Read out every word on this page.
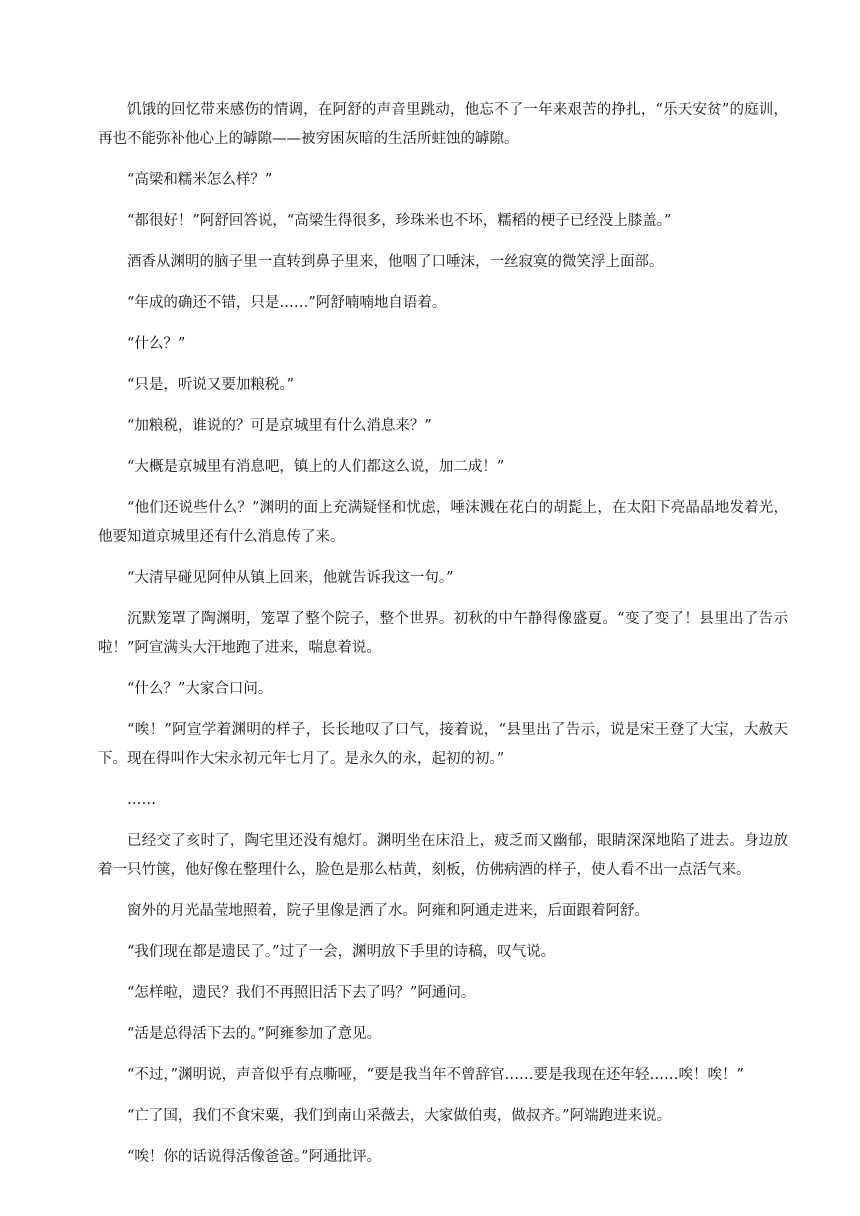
饥饿的回忆带来感伤的情调，在阿舒的声音里跳动，他忘不了一年来艰苦的挣扎，“乐天安贫”的庭训，再也不能弥补他心上的罅隙——被穷困灰暗的生活所蛀蚀的罅隙。

“高梁和糯米怎么样？”

“都很好！”阿舒回答说，“高梁生得很多，珍珠米也不坏，糯稻的梗子已经没上膝盖。”

酒香从渊明的脑子里一直转到鼻子里来，他咽了口唾沫，一丝寂寞的微笑浮上面部。

“年成的确还不错，只是……”阿舒喃喃地自语着。

“什么？”

“只是，听说又要加粮税。”

“加粮税，谁说的？可是京城里有什么消息来？”

“大概是京城里有消息吧，镇上的人们都这么说，加二成！”

“他们还说些什么？”渊明的面上充满疑怪和忧虑，唾沫溅在花白的胡髭上，在太阳下亮晶晶地发着光，他要知道京城里还有什么消息传了来。

“大清早碰见阿仲从镇上回来，他就告诉我这一句。”

沉默笼罩了陶渊明，笼罩了整个院子，整个世界。初秋的中午静得像盛夏。“变了变了！县里出了告示啦！”阿宣满头大汗地跑了进来，喘息着说。

“什么？”大家合口问。

“唉！”阿宣学着渊明的样子，长长地叹了口气，接着说，“县里出了告示，说是宋王登了大宝，大赦天下。现在得叫作大宋永初元年七月了。是永久的永，起初的初。”

……

已经交了亥时了，陶宅里还没有熄灯。渊明坐在床沿上，疲乏而又幽郁，眼睛深深地陷了进去。身边放着一只竹箧，他好像在整理什么，脸色是那么枯黄，刻板，仿佛病酒的样子，使人看不出一点活气来。

窗外的月光晶莹地照着，院子里像是洒了水。阿雍和阿通走进来，后面跟着阿舒。

“我们现在都是遗民了。”过了一会，渊明放下手里的诗稿，叹气说。

“怎样啦，遗民？我们不再照旧活下去了吗？”阿通问。

“活是总得活下去的。”阿雍参加了意见。

“不过，”渊明说，声音似乎有点嘶哑，“要是我当年不曾辞官……要是我现在还年轻……唉！唉！”

“亡了国，我们不食宋粟，我们到南山采薇去，大家做伯夷，做叔齐。”阿端跑进来说。

“唉！你的话说得活像爸爸。”阿通批评。
